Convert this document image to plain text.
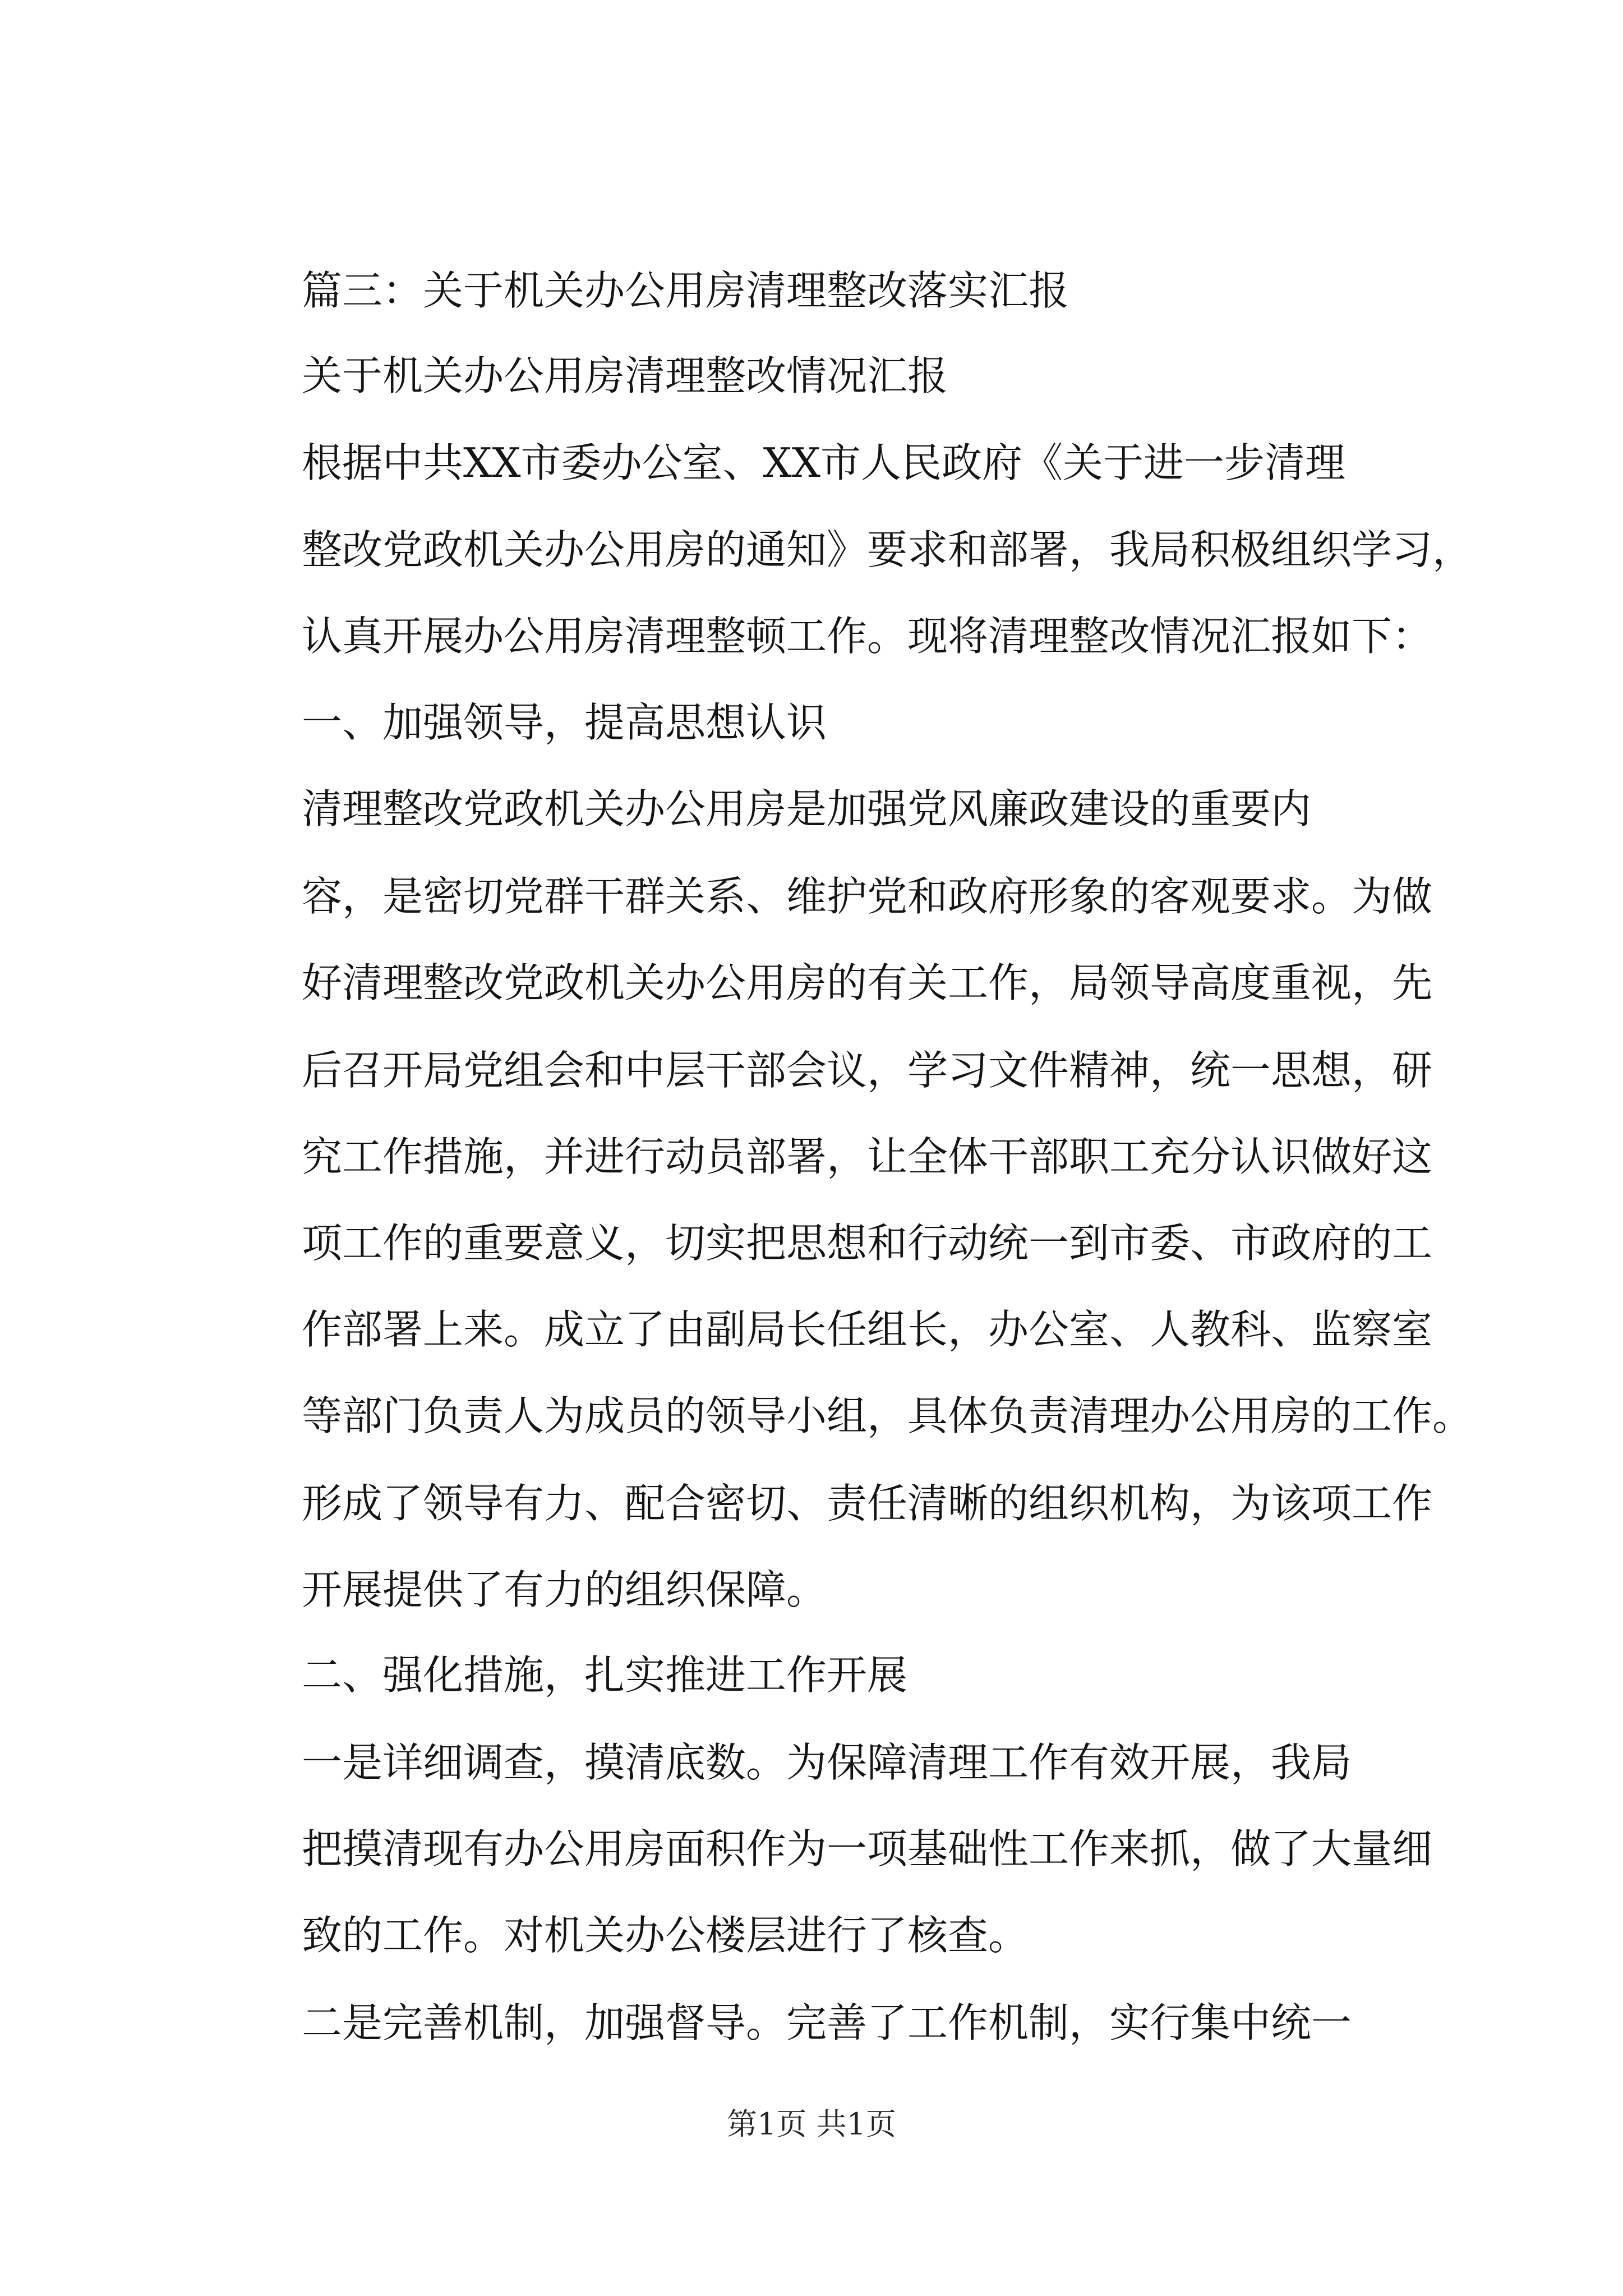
篇三：关于机关办公用房清理整改落实汇报
关于机关办公用房清理整改情况汇报
根据中共XX市委办公室、XX市人民政府《关于进一步清理
整改党政机关办公用房的通知》要求和部署，我局积极组织学习，
认真开展办公用房清理整顿工作。现将清理整改情况汇报如下：
一、加强领导，提高思想认识
清理整改党政机关办公用房是加强党风廉政建设的重要内
容，是密切党群干群关系、维护党和政府形象的客观要求。为做
好清理整改党政机关办公用房的有关工作，局领导高度重视，先
后召开局党组会和中层干部会议，学习文件精神，统一思想，研
究工作措施，并进行动员部署，让全体干部职工充分认识做好这
项工作的重要意义，切实把思想和行动统一到市委、市政府的工
作部署上来。成立了由副局长任组长，办公室、人教科、监察室
等部门负责人为成员的领导小组，具体负责清理办公用房的工作。
形成了领导有力、配合密切、责任清晰的组织机构，为该项工作
开展提供了有力的组织保障。
二、强化措施，扎实推进工作开展
一是详细调查，摸清底数。为保障清理工作有效开展，我局
把摸清现有办公用房面积作为一项基础性工作来抓，做了大量细
致的工作。对机关办公楼层进行了核查。
二是完善机制，加强督导。完善了工作机制，实行集中统一
第1页 共1页
